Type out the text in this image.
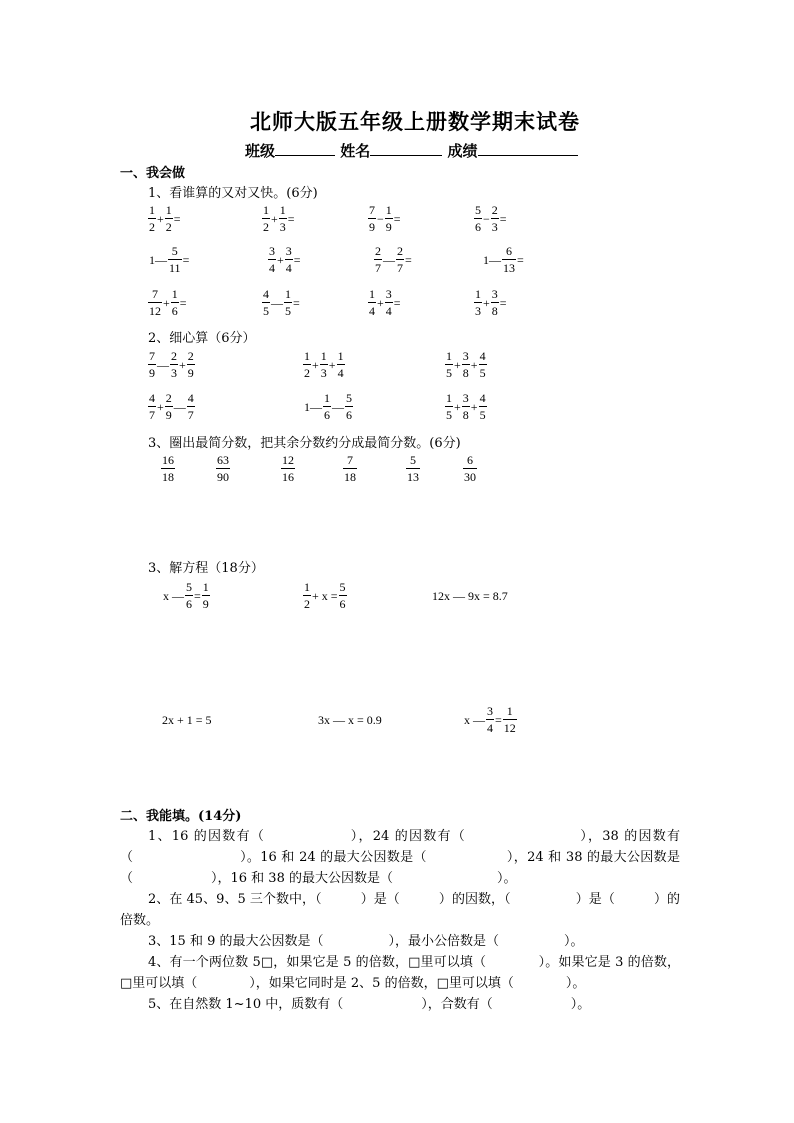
北师大版五年级上册数学期末试卷
班级	姓名	成绩
一、我会做
1、看谁算的又对又快。(6分)
$\frac{1}{2} + \frac{1}{2}$ =	$\frac{1}{2} + \frac{1}{3}$ =	$\frac{7}{9} - \frac{1}{9}$ =	$\frac{5}{6} - \frac{2}{3}$ =
1— $\frac{5}{11}$ =	$\frac{3}{4} + \frac{3}{4}$ =	$\frac{2}{7}$ — $\frac{2}{7}$ =	1— $\frac{6}{13}$ =
$\frac{7}{12} + \frac{1}{6}$ =	$\frac{4}{5}$ — $\frac{1}{5}$ =	$\frac{1}{4} + \frac{3}{4}$ =	$\frac{1}{3} + \frac{3}{8}$ =
2、细心算（6分）
$\frac{7}{9}$ — $\frac{2}{3} + \frac{2}{9}$	$\frac{1}{2} + \frac{1}{3} + \frac{1}{4}$	$\frac{1}{5} + \frac{3}{8} + \frac{4}{5}$
$\frac{4}{7} + \frac{2}{9}$ — $\frac{4}{7}$	1— $\frac{1}{6}$ — $\frac{5}{6}$	$\frac{1}{5} + \frac{3}{8} + \frac{4}{5}$
3、圈出最简分数，把其余分数约分成最简分数。(6分)
$\frac{16}{18}$	$\frac{63}{90}$	$\frac{12}{16}$	$\frac{7}{18}$	$\frac{5}{13}$	$\frac{6}{30}$
3、解方程（18分）
x — $\frac{5}{6} = \frac{1}{9}$	$\frac{1}{2} + x = \frac{5}{6}$	12x — 9x = 8.7
2x + 1 = 5	3x — x = 0.9	x — $\frac{3}{4} = \frac{1}{12}$
二、我能填。(14分)
1、16 的因数有（　　　　　　），24 的因数有（　　　　　　　　），38 的因数有（　　　　　　　　）。16 和 24 的最大公因数是（　　　　　　），24 和 38 的最大公因数是（　　　　　　），16 和 38 的最大公因数是（　　　　　　　　）。
2、在 45、9、5 三个数中，（　　　）是（　　　）的因数，（　　　　　）是（　　　）的倍数。
3、15 和 9 的最大公因数是（　　　　　），最小公倍数是（　　　　　）。
4、有一个两位数 5□，如果它是 5 的倍数，□里可以填（　　　　）。如果它是 3 的倍数，□里可以填（　　　　），如果它同时是 2、5 的倍数，□里可以填（　　　　）。
5、在自然数 1~10 中，质数有（　　　　　　），合数有（　　　　　　）。
